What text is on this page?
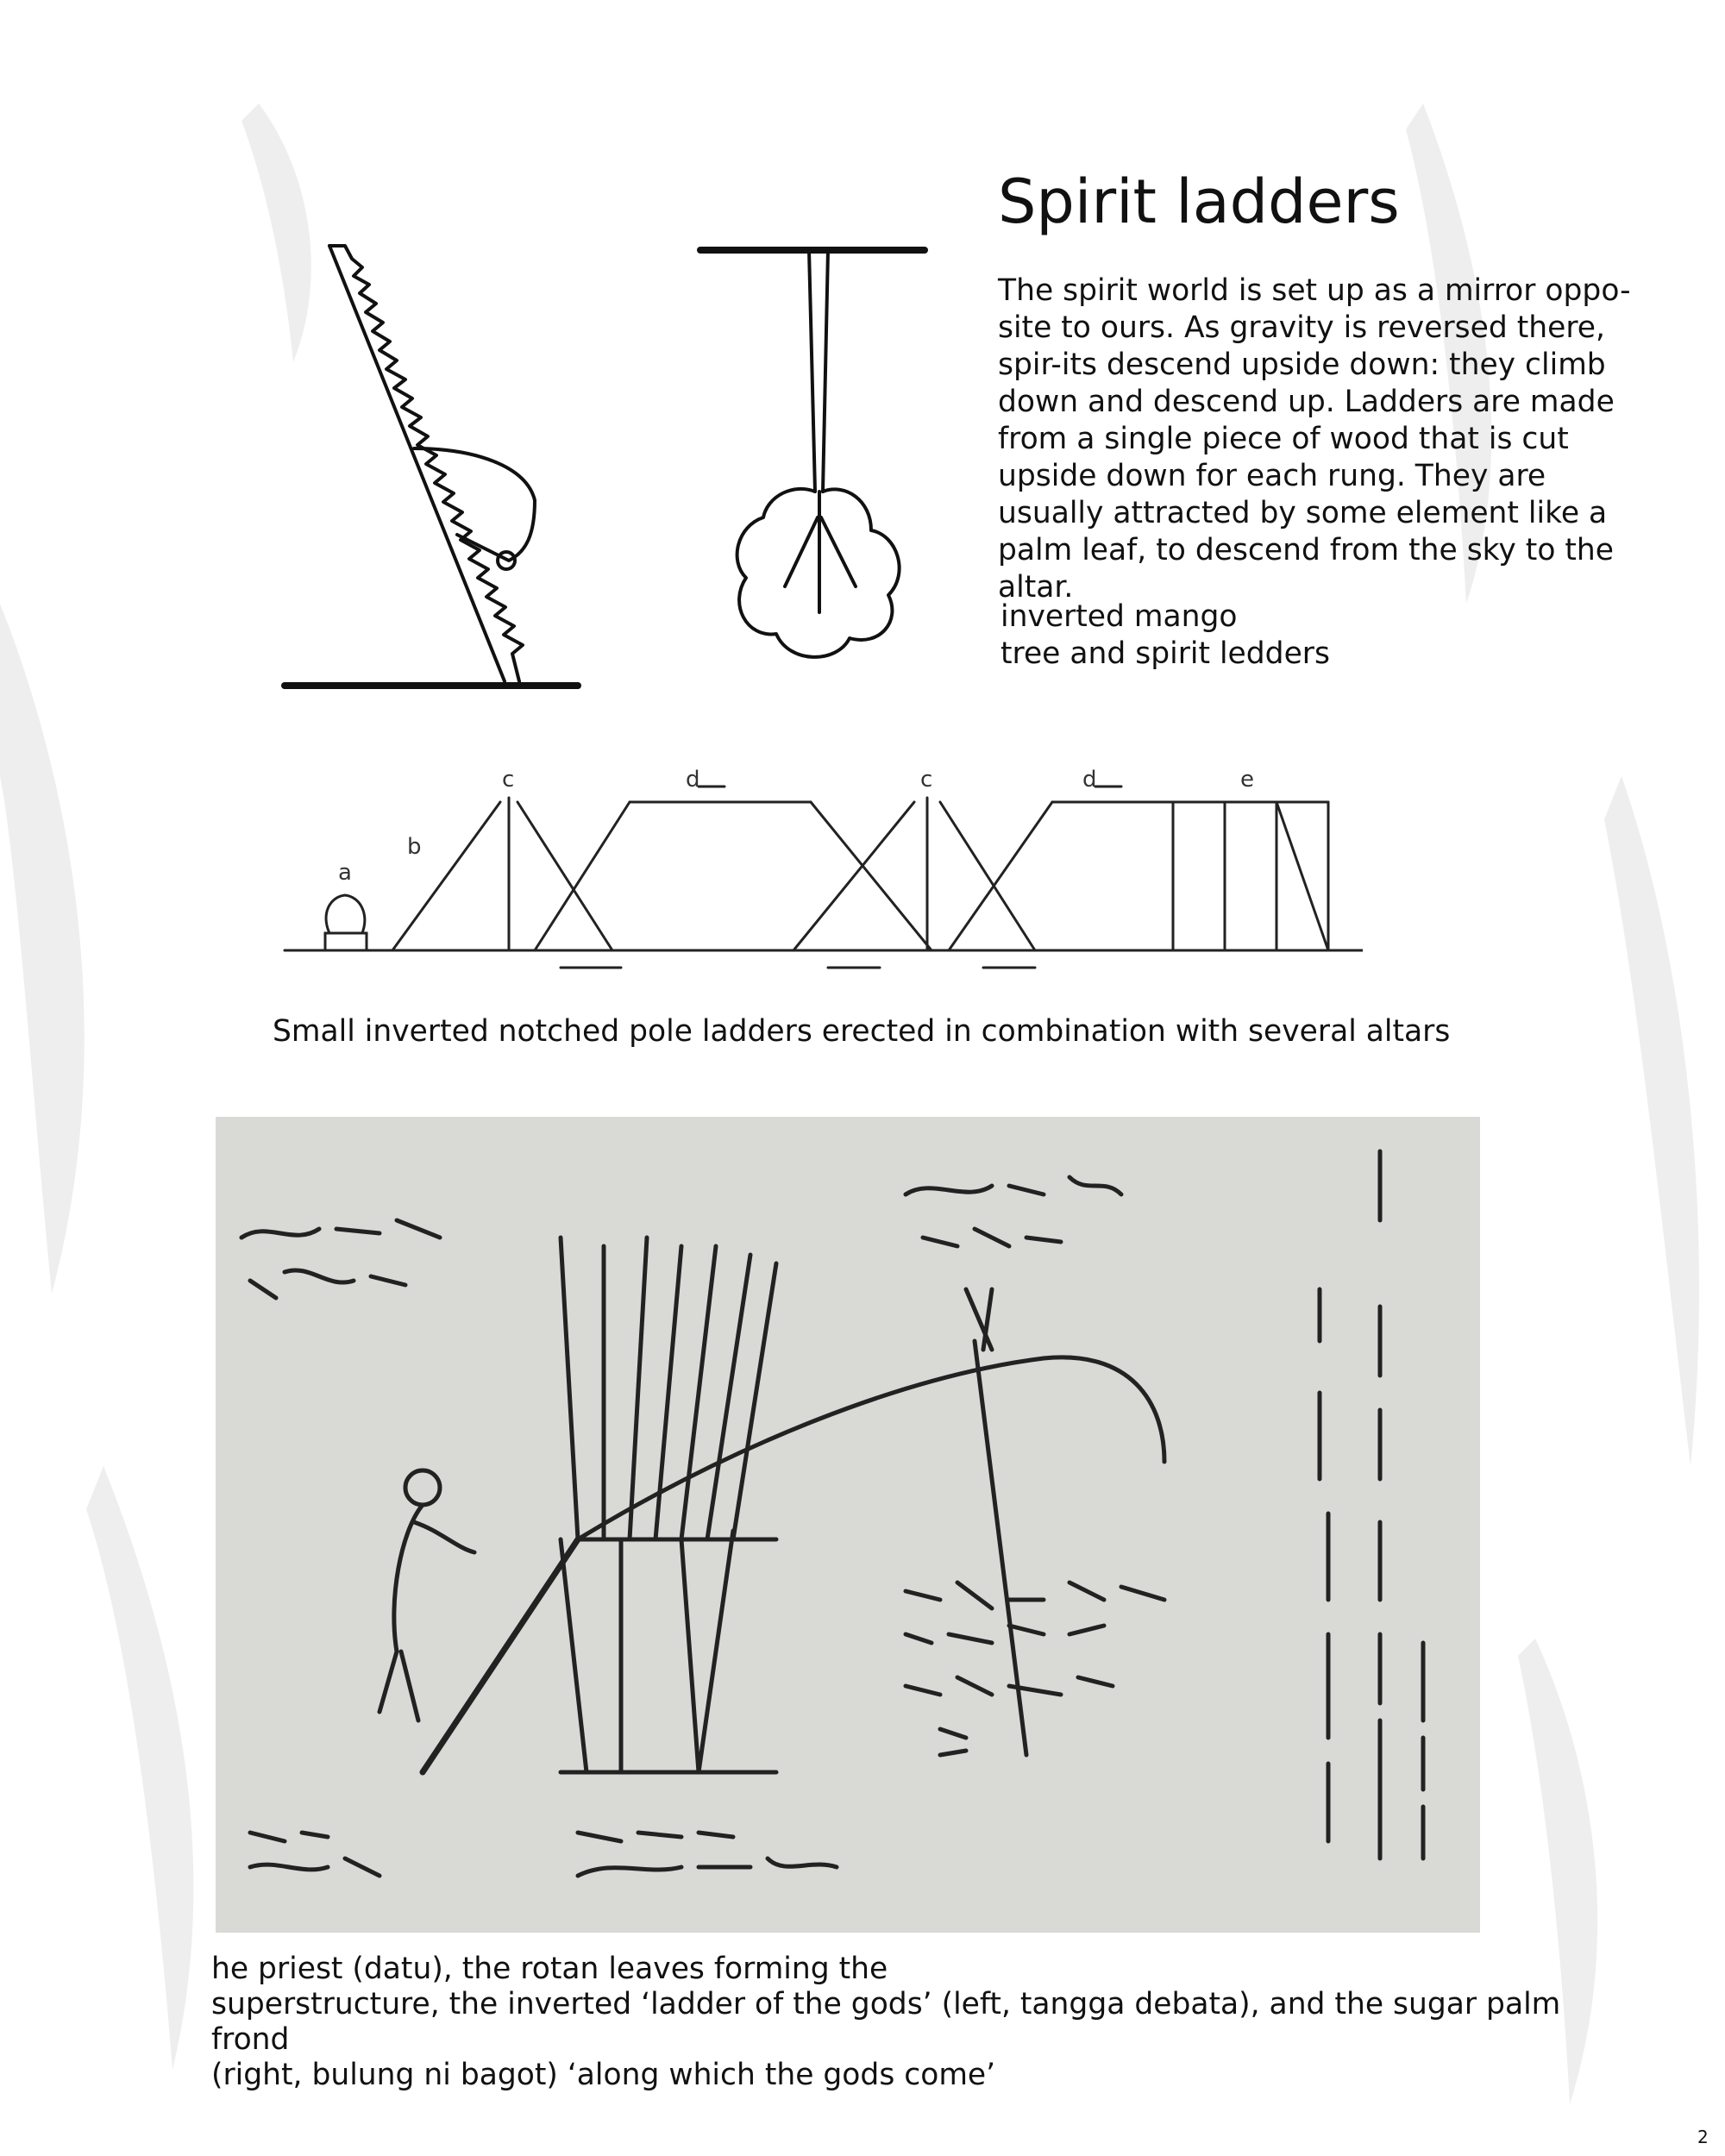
Spirit ladders

The spirit world is set up as a mirror oppo-site to ours. As gravity is reversed there, spir-its descend upside down: they climb down and descend up. Ladders are made from a single piece of wood that is cut upside down for each rung. They are usually attracted by some element like a palm leaf, to descend from the sky to the altar.

inverted mango
tree and spirit ledders

a
b
c	d	c	d	e

Small inverted notched pole ladders erected in combination with several altars

he priest (datu), the rotan leaves forming the
superstructure, the inverted ‘ladder of the gods’ (left, tangga debata), and the sugar palm frond
(right, bulung ni bagot) ‘along which the gods come’

2
